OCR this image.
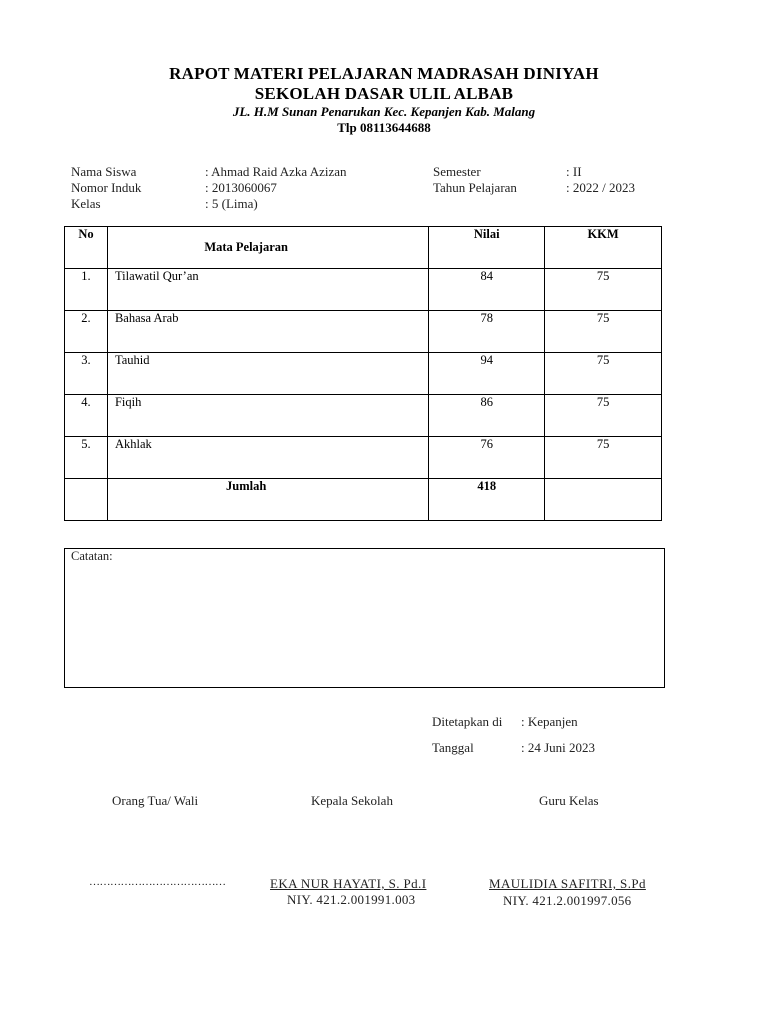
RAPOT MATERI PELAJARAN MADRASAH DINIYAH
SEKOLAH DASAR ULIL ALBAB
JL. H.M Sunan Penarukan Kec. Kepanjen Kab. Malang
Tlp 08113644688
Nama Siswa	: Ahmad Raid Azka Azizan
Nomor Induk	: 2013060067
Kelas	: 5 (Lima)
Semester	: II
Tahun Pelajaran	: 2022 / 2023
No	Mata Pelajaran	Nilai	KKM
1.	Tilawatil Qur’an	84	75
2.	Bahasa Arab	78	75
3.	Tauhid	94	75
4.	Fiqih	86	75
5.	Akhlak	76	75
	Jumlah	418	
Catatan:
Ditetapkan di : Kepanjen
Tanggal	: 24 Juni 2023
Orang Tua/ Wali	Kepala Sekolah	Guru Kelas
…………………………………	EKA NUR HAYATI, S. Pd.I
NIY. 421.2.001991.003
MAULIDIA SAFITRI, S.Pd
NIY. 421.2.001997.056
